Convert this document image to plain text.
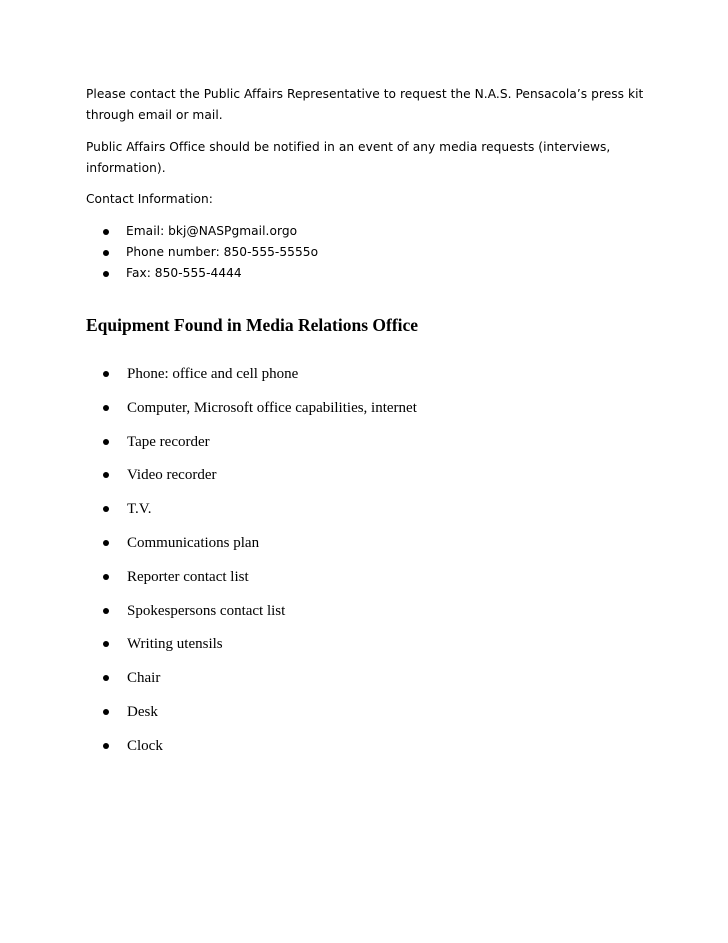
Please contact the Public Affairs Representative to request the N.A.S. Pensacola’s press kit through email or mail.

Public Affairs Office should be notified in an event of any media requests (interviews, information).

Contact Information:

Email: bkj@NASPgmail.orgo
Phone number: 850-555-5555o
Fax: 850-555-4444
Equipment Found in Media Relations Office
Phone: office and cell phone
Computer, Microsoft office capabilities, internet
Tape recorder
Video recorder
T.V.
Communications plan
Reporter contact list
Spokespersons contact list
Writing utensils
Chair
Desk
Clock
